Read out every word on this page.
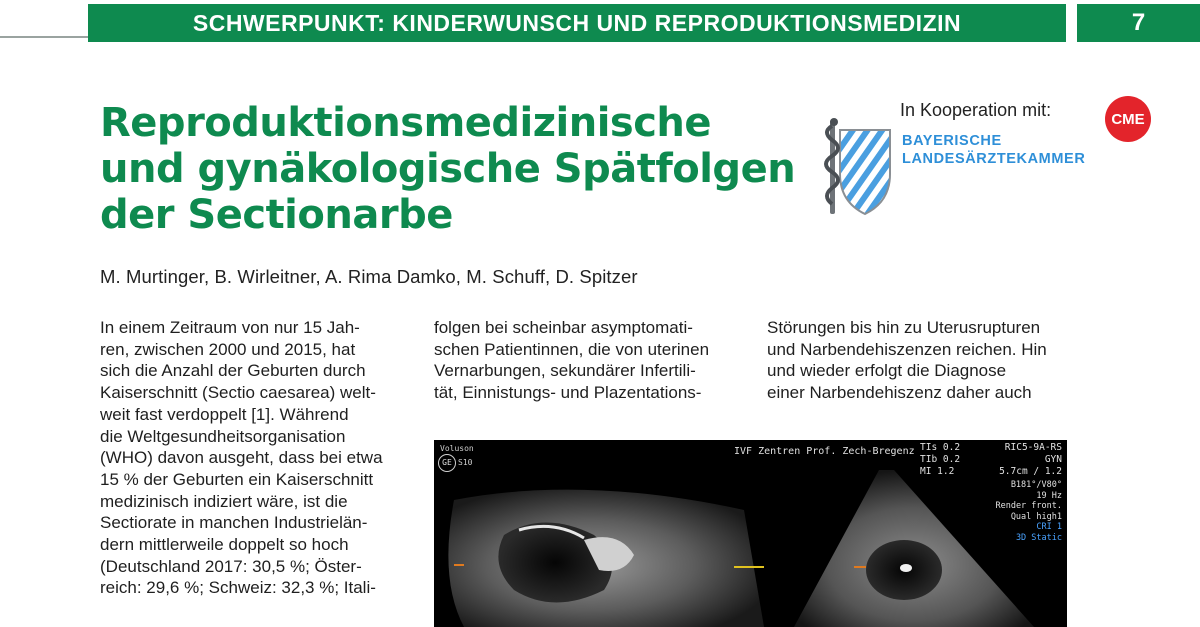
SCHWERPUNKT: KINDERWUNSCH UND REPRODUKTIONSMEDIZIN	7
Reproduktionsmedizinische
und gynäkologische Spätfolgen
der Sectionarbe
In Kooperation mit:
BAYERISCHE
LANDESÄRZTEKAMMER
CME
M. Murtinger, B. Wirleitner, A. Rima Damko, M. Schuff, D. Spitzer
In einem Zeitraum von nur 15 Jah-
ren, zwischen 2000 und 2015, hat
sich die Anzahl der Geburten durch
Kaiserschnitt (Sectio caesarea) welt-
weit fast verdoppelt [1]. Während
die Weltgesundheitsorganisation
(WHO) davon ausgeht, dass bei etwa
15 % der Geburten ein Kaiserschnitt
medizinisch indiziert wäre, ist die
Sectiorate in manchen Industrielän-
dern mittlerweile doppelt so hoch
(Deutschland 2017: 30,5 %; Öster-
reich: 29,6 %; Schweiz: 32,3 %; Itali-
folgen bei scheinbar asymptomati-
schen Patientinnen, die von uterinen
Vernarbungen, sekundärer Infertili-
tät, Einnistungs- und Plazentations-
Störungen bis hin zu Uterusrupturen
und Narbendehiszenzen reichen. Hin
und wieder erfolgt die Diagnose
einer Narbendehiszenz daher auch
Voluson
GE S10
IVF Zentren Prof. Zech-Bregenz TIs 0.2
TIb 0.2
MI 1.2
RIC5-9A-RS
GYN
5.7cm / 1.2
B181°/V80°
19 Hz
Render front.
Qual high1
CRI 1
3D Static
